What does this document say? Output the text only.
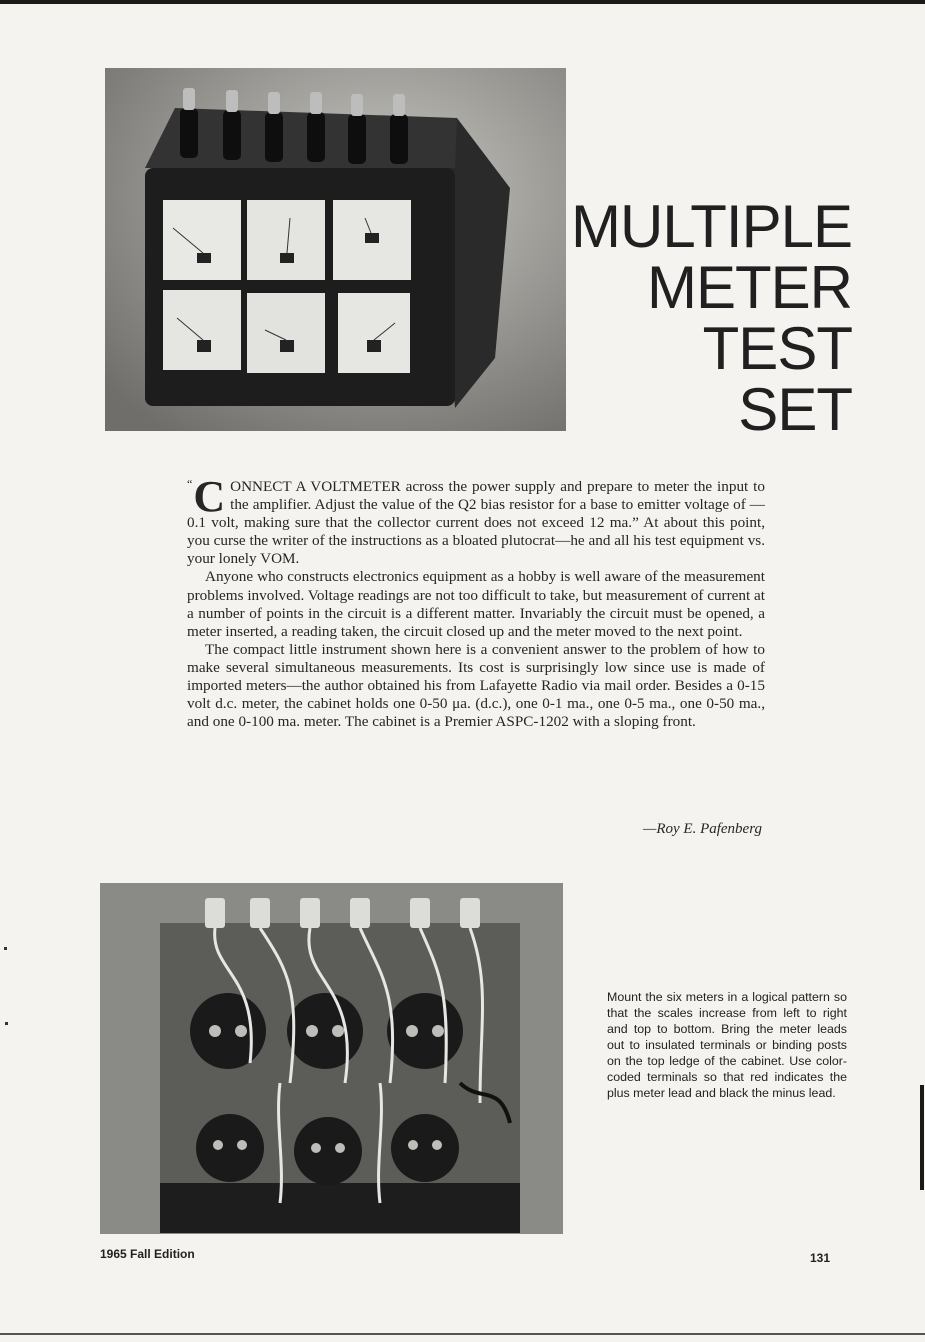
MULTIPLE
METER
TEST
SET

“ C ONNECT A VOLTMETER across the power supply and prepare to meter the input to the amplifier. Adjust the value of the Q2 bias resistor for a base to emitter voltage of —0.1 volt, making sure that the collector current does not exceed 12 ma.” At about this point, you curse the writer of the instructions as a bloated plutocrat—he and all his test equipment vs. your lonely VOM.

Anyone who constructs electronics equipment as a hobby is well aware of the measurement problems involved. Voltage readings are not too difficult to take, but measurement of current at a number of points in the circuit is a different matter. Invariably the circuit must be opened, a meter inserted, a reading taken, the circuit closed up and the meter moved to the next point.

The compact little instrument shown here is a convenient answer to the problem of how to make several simultaneous measurements. Its cost is surprisingly low since use is made of imported meters—the author obtained his from Lafayette Radio via mail order. Besides a 0-15 volt d.c. meter, the cabinet holds one 0-50 μa. (d.c.), one 0-1 ma., one 0-5 ma., one 0-50 ma., and one 0-100 ma. meter. The cabinet is a Premier ASPC-1202 with a sloping front.

—Roy E. Pafenberg
Mount the six meters in a logical pattern so that the scales increase from left to right and top to bottom. Bring the meter leads out to insulated terminals or binding posts on the top ledge of the cabinet. Use color-coded terminals so that red indicates the plus meter lead and black the minus lead.
1965 Fall Edition	131
